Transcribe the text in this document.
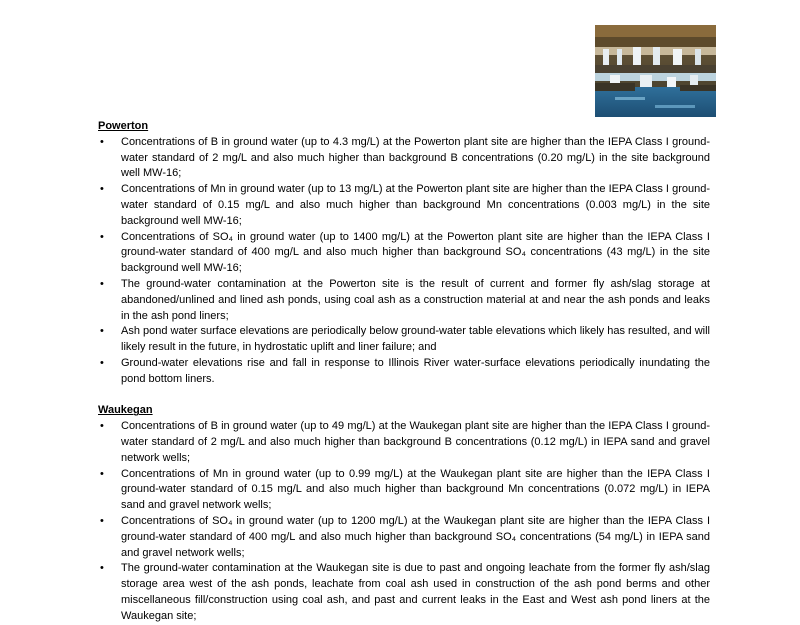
Powerton

• Concentrations of B in ground water (up to 4.3 mg/L) at the Powerton plant site are higher than the IEPA Class I ground-water standard of 2 mg/L and also much higher than background B concentrations (0.20 mg/L) in the site background well MW-16;
• Concentrations of Mn in ground water (up to 13 mg/L) at the Powerton plant site are higher than the IEPA Class I ground-water standard of 0.15 mg/L and also much higher than background Mn concentrations (0.003 mg/L) in the site background well MW-16;
• Concentrations of SO₄ in ground water (up to 1400 mg/L) at the Powerton plant site are higher than the IEPA Class I ground-water standard of 400 mg/L and also much higher than background SO₄ concentrations (43 mg/L) in the site background well MW-16;
• The ground-water contamination at the Powerton site is the result of current and former fly ash/slag storage at abandoned/unlined and lined ash ponds, using coal ash as a construction material at and near the ash ponds and leaks in the ash pond liners;
• Ash pond water surface elevations are periodically below ground-water table elevations which likely has resulted, and will likely result in the future, in hydrostatic uplift and liner failure; and
• Ground-water elevations rise and fall in response to Illinois River water-surface elevations periodically inundating the pond bottom liners.

Waukegan

• Concentrations of B in ground water (up to 49 mg/L) at the Waukegan plant site are higher than the IEPA Class I ground-water standard of 2 mg/L and also much higher than background B concentrations (0.12 mg/L) in IEPA sand and gravel network wells;
• Concentrations of Mn in ground water (up to 0.99 mg/L) at the Waukegan plant site are higher than the IEPA Class I ground-water standard of 0.15 mg/L and also much higher than background Mn concentrations (0.072 mg/L) in IEPA sand and gravel network wells;
• Concentrations of SO₄ in ground water (up to 1200 mg/L) at the Waukegan plant site are higher than the IEPA Class I ground-water standard of 400 mg/L and also much higher than background SO₄ concentrations (54 mg/L) in IEPA sand and gravel network wells;
• The ground-water contamination at the Waukegan site is due to past and ongoing leachate from the former fly ash/slag storage area west of the ash ponds, leachate from coal ash used in construction of the ash pond berms and other miscellaneous fill/construction using coal ash, and past and current leaks in the East and West ash pond liners at the Waukegan site;
